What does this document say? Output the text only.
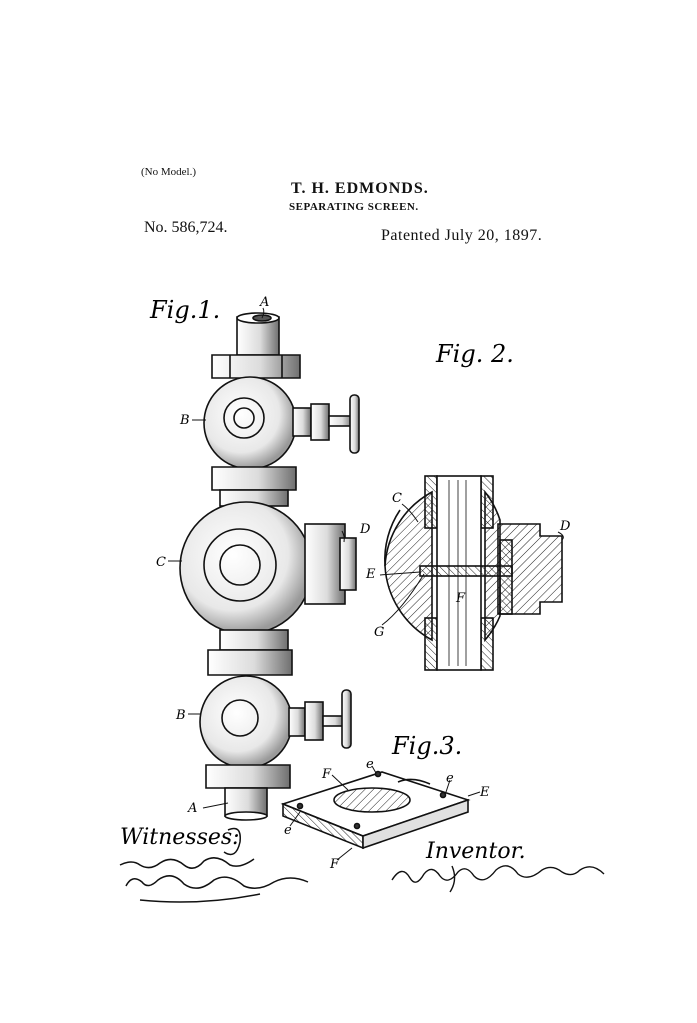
(No Model.)
T. H. EDMONDS.
SEPARATING SCREEN.
No. 586,724.	Patented July 20, 1897.
Fig.1.
Fig. 2.
Fig.3.
A
B
C
D
B
A
C
D
E
F
G
F
e
e
E
e
F
Witnesses:
Inventor.
